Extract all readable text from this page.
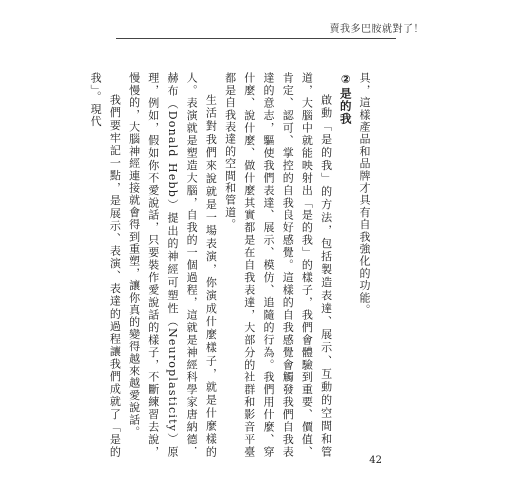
賣我多巴胺就對了！

具，這樣產品和品牌才具有自我強化的功能。

②是的我

啟動「是的我」的方法，包括製造表達、展示、互動的空間和管道，大腦中就能映射出「是的我」的樣子，我們會體驗到重要、價值、肯定、認可、掌控的自我良好感覺。這樣的自我感覺會觸發我們自我表達的意志，驅使我們表達、展示、模仿、追隨的行為。我們用什麼、穿什麼、說什麼、做什麼其實都是在自我表達，大部分的社群和影音平臺都是自我表達的空間和管道。

生活對我們來說就是一場表演，你演成什麼樣子，就是什麼樣的人。表演就是塑造大腦，自我的一個過程，這就是神經科學家唐納德．赫布（Donald Hebb）提出的神經可塑性（Neuroplasticity）原理，例如，假如你不愛說話，只要裝作愛說話的樣子，不斷練習去說，慢慢的，大腦神經連接就會得到重塑，讓你真的變得越來越愛說話。

我們要牢記一點，是展示、表演、表達的過程讓我們成就了「是的我」。現代

42
